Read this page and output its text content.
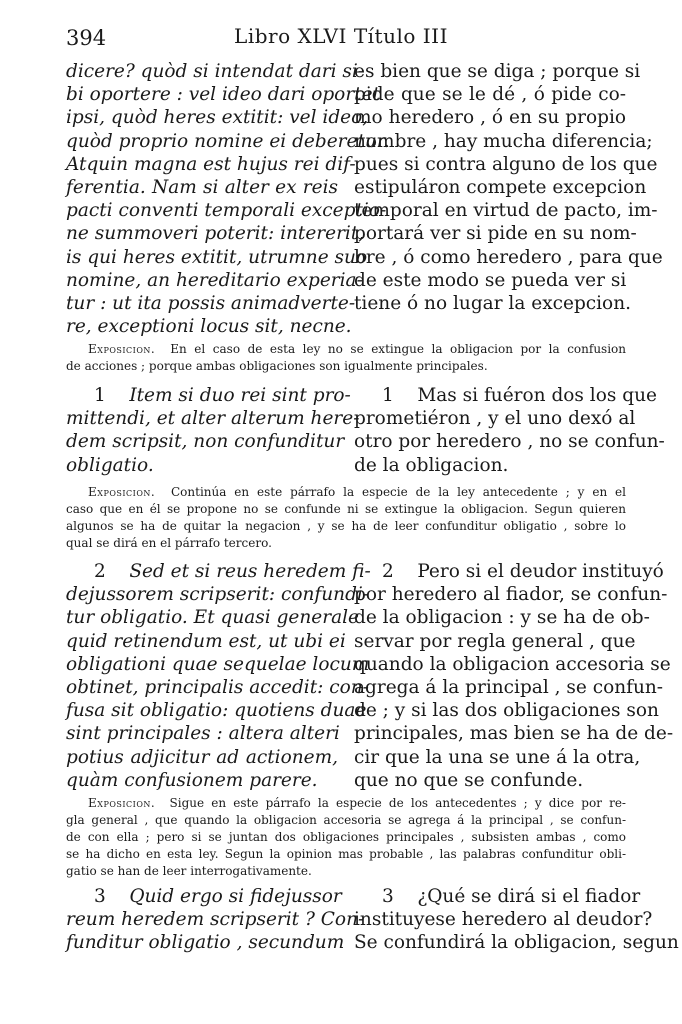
394	Libro XLVI Título III
dicere? quòd si intendat dari si-
bi oportere : vel ideo dari oportet
ipsi, quòd heres extitit: vel ideo,
quòd proprio nomine ei deberetur.
Atquin magna est hujus rei dif-
ferentia. Nam si alter ex reis
pacti conventi temporali exceptio-
ne summoveri poterit: intererit,
is qui heres extitit, utrumne suo
nomine, an hereditario experia-
tur : ut ita possis animadverte-
re, exceptioni locus sit, necne.
es bien que se diga ; porque si
pide que se le dé , ó pide co-
mo heredero , ó en su propio
nombre , hay mucha diferencia;
pues si contra alguno de los que
estipuláron compete excepcion
temporal en virtud de pacto, im-
portará ver si pide en su nom-
bre , ó como heredero , para que
de este modo se pueda ver si
tiene ó no lugar la excepcion.
Exposicion. En el caso de esta ley no se extingue la obligacion por la confusion
de acciones ; porque ambas obligaciones son igualmente principales.
1 Item si duo rei sint pro-
mittendi, et alter alterum here-
dem scripsit, non confunditur
obligatio.
1 Mas si fuéron dos los que
prometiéron , y el uno dexó al
otro por heredero , no se confun-
de la obligacion.
Exposicion. Continúa en este párrafo la especie de la ley antecedente ; y en el
caso que en él se propone no se confunde ni se extingue la obligacion. Segun quieren
algunos se ha de quitar la negacion , y se ha de leer confunditur obligatio , sobre lo
qual se dirá en el párrafo tercero.
2 Sed et si reus heredem fi-
dejussorem scripserit: confundi-
tur obligatio. Et quasi generale
quid retinendum est, ut ubi ei
obligationi quae sequelae locum
obtinet, principalis accedit: con-
fusa sit obligatio: quotiens duae
sint principales : altera alteri
potius adjicitur ad actionem,
quàm confusionem parere.
2 Pero si el deudor instituyó
por heredero al fiador, se confun-
de la obligacion : y se ha de ob-
servar por regla general , que
quando la obligacion accesoria se
agrega á la principal , se confun-
de ; y si las dos obligaciones son
principales, mas bien se ha de de-
cir que la una se une á la otra,
que no que se confunde.
Exposicion. Sigue en este párrafo la especie de los antecedentes ; y dice por re-
gla general , que quando la obligacion accesoria se agrega á la principal , se confun-
de con ella ; pero si se juntan dos obligaciones principales , subsisten ambas , como
se ha dicho en esta ley. Segun la opinion mas probable , las palabras confunditur obli-
gatio se han de leer interrogativamente.
3 Quid ergo si fidejussor
reum heredem scripserit ? Con-
funditur obligatio , secundum
3 ¿Qué se dirá si el fiador
instituyese heredero al deudor?
Se confundirá la obligacion, segun
